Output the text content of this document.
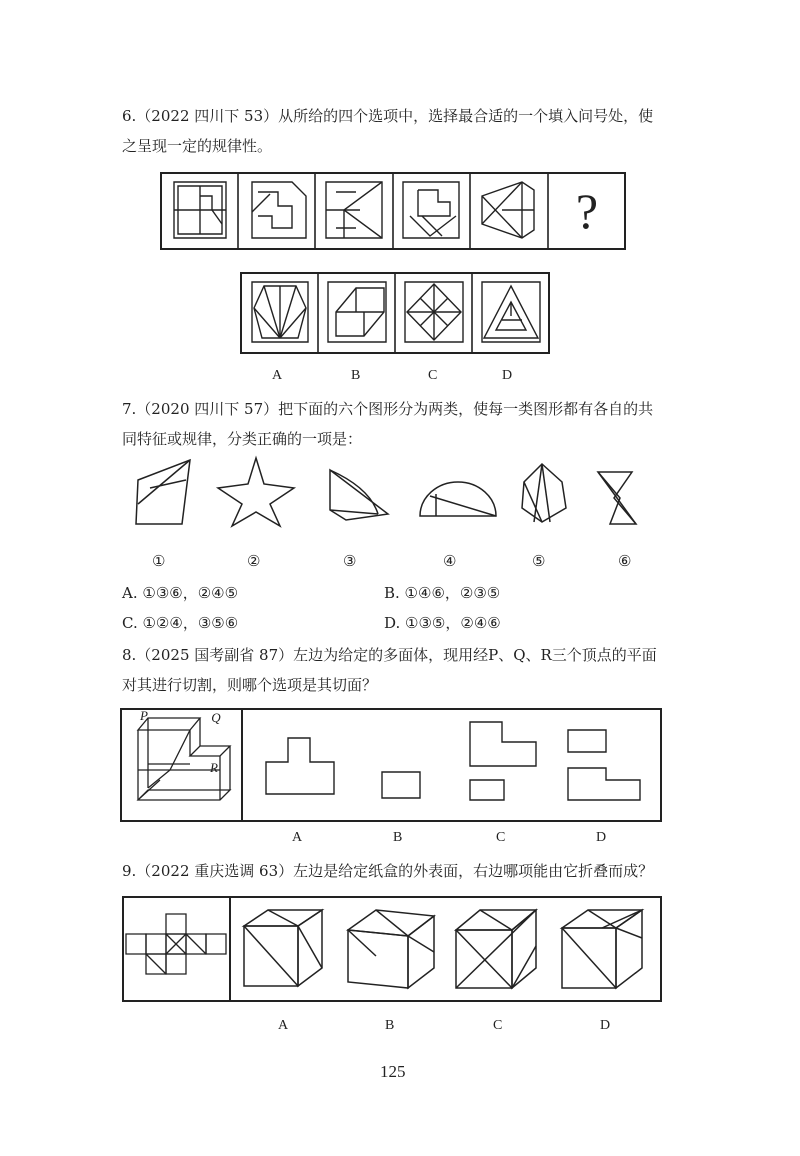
6.（2022 四川下 53）从所给的四个选项中，选择最合适的一个填入问号处，使
之呈现一定的规律性。
?
A	B	C	D
7.（2020 四川下 57）把下面的六个图形分为两类，使每一类图形都有各自的共
同特征或规律，分类正确的一项是：
①	②	③	④	⑤	⑥
A. ①③⑥，②④⑤	B. ①④⑥，②③⑤
C. ①②④，③⑤⑥	D. ①③⑤，②④⑥
8.（2025 国考副省 87）左边为给定的多面体，现用经P、Q、R三个顶点的平面
对其进行切割，则哪个选项是其切面？
P	Q
R
A	B	C	D
9.（2022 重庆选调 63）左边是给定纸盒的外表面，右边哪项能由它折叠而成？
A	B	C	D
125
